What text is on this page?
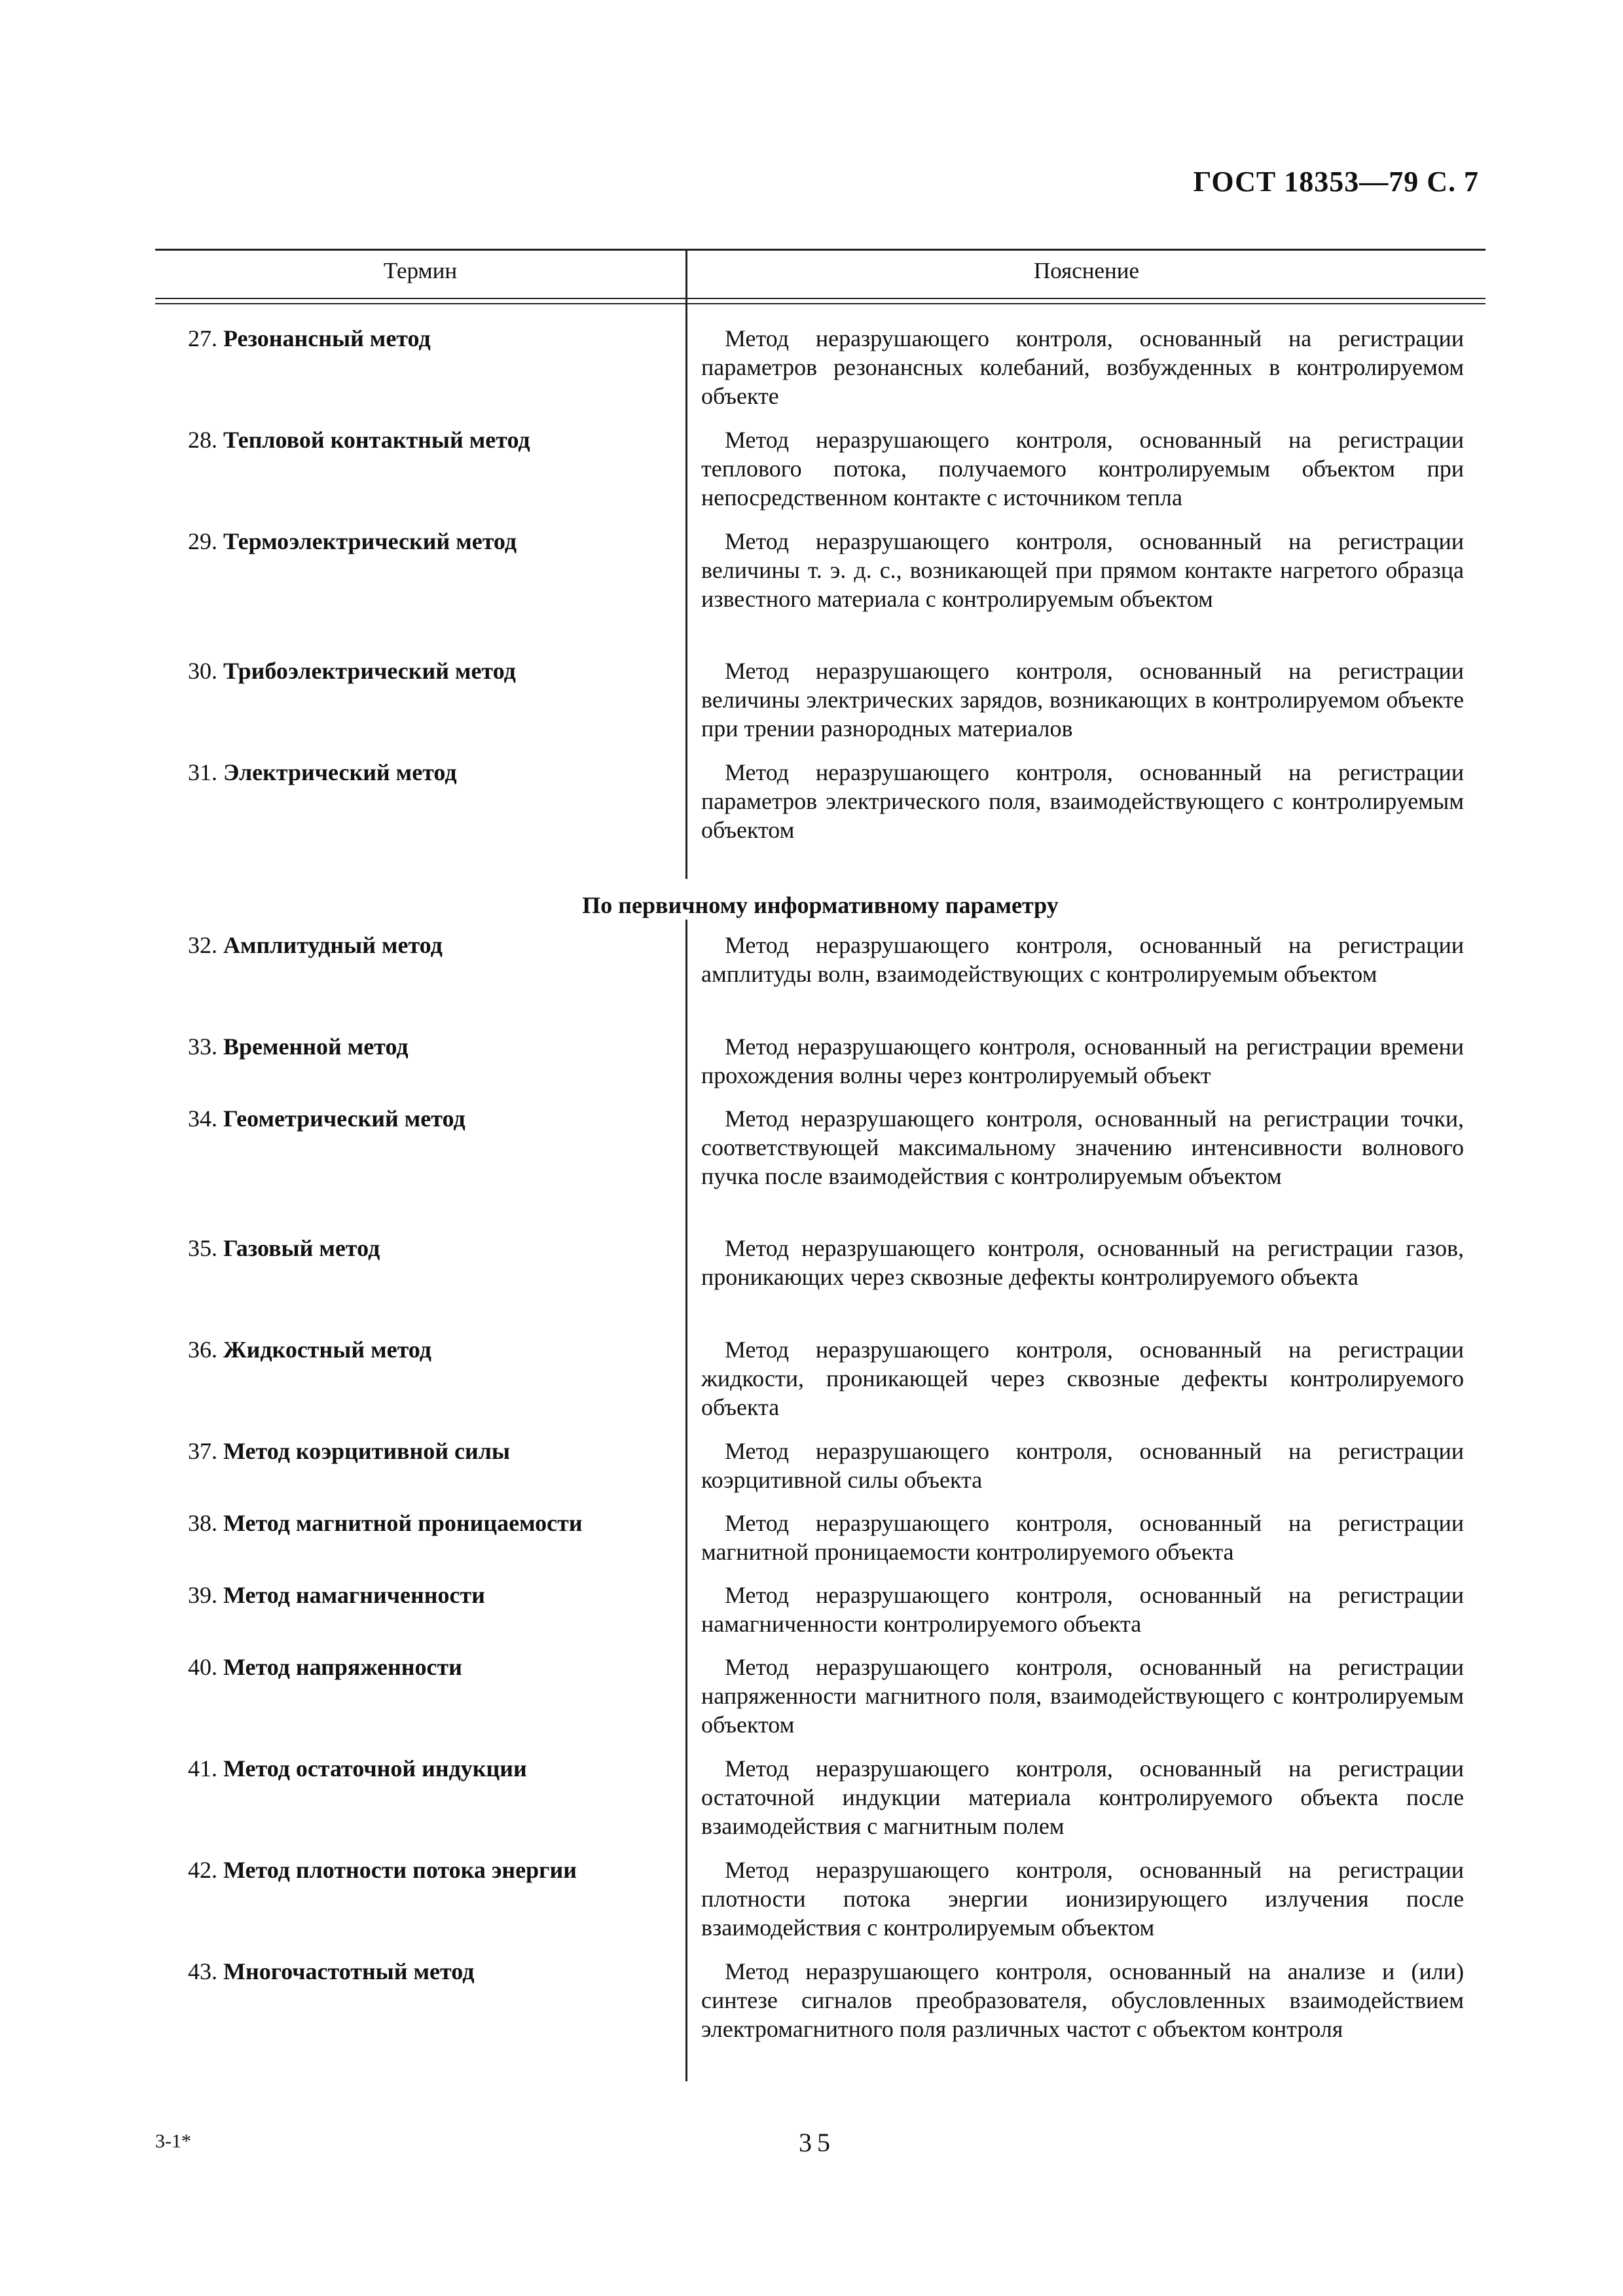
ГОСТ 18353—79 С. 7
Термин	Пояснение
27. Резонансный метод	Метод неразрушающего контроля, основанный на регистрации параметров резонансных колебаний, возбужденных в контролируемом объекте
28. Тепловой контактный метод	Метод неразрушающего контроля, основанный на регистрации теплового потока, получаемого контролируемым объектом при непосредственном контакте с источником тепла
29. Термоэлектрический метод	Метод неразрушающего контроля, основанный на регистрации величины т. э. д. с., возникающей при прямом контакте нагретого образца известного материала с контролируемым объектом
30. Трибоэлектрический метод	Метод неразрушающего контроля, основанный на регистрации величины электрических зарядов, возникающих в контролируемом объекте при трении разнородных материалов
31. Электрический метод	Метод неразрушающего контроля, основанный на регистрации параметров электрического поля, взаимодействующего с контролируемым объектом
По первичному информативному параметру
32. Амплитудный метод	Метод неразрушающего контроля, основанный на регистрации амплитуды волн, взаимодействующих с контролируемым объектом
33. Временной метод	Метод неразрушающего контроля, основанный на регистрации времени прохождения волны через контролируемый объект
34. Геометрический метод	Метод неразрушающего контроля, основанный на регистрации точки, соответствующей максимальному значению интенсивности волнового пучка после взаимодействия с контролируемым объектом
35. Газовый метод	Метод неразрушающего контроля, основанный на регистрации газов, проникающих через сквозные дефекты контролируемого объекта
36. Жидкостный метод	Метод неразрушающего контроля, основанный на регистрации жидкости, проникающей через сквозные дефекты контролируемого объекта
37. Метод коэрцитивной силы	Метод неразрушающего контроля, основанный на регистрации коэрцитивной силы объекта
38. Метод магнитной проницаемости	Метод неразрушающего контроля, основанный на регистрации магнитной проницаемости контролируемого объекта
39. Метод намагниченности	Метод неразрушающего контроля, основанный на регистрации намагниченности контролируемого объекта
40. Метод напряженности	Метод неразрушающего контроля, основанный на регистрации напряженности магнитного поля, взаимодействующего с контролируемым объектом
41. Метод остаточной индукции	Метод неразрушающего контроля, основанный на регистрации остаточной индукции материала контролируемого объекта после взаимодействия с магнитным полем
42. Метод плотности потока энергии	Метод неразрушающего контроля, основанный на регистрации плотности потока энергии ионизирующего излучения после взаимодействия с контролируемым объектом
43. Многочастотный метод	Метод неразрушающего контроля, основанный на анализе и (или) синтезе сигналов преобразователя, обусловленных взаимодействием электромагнитного поля различных частот с объектом контроля
3-1*	35
